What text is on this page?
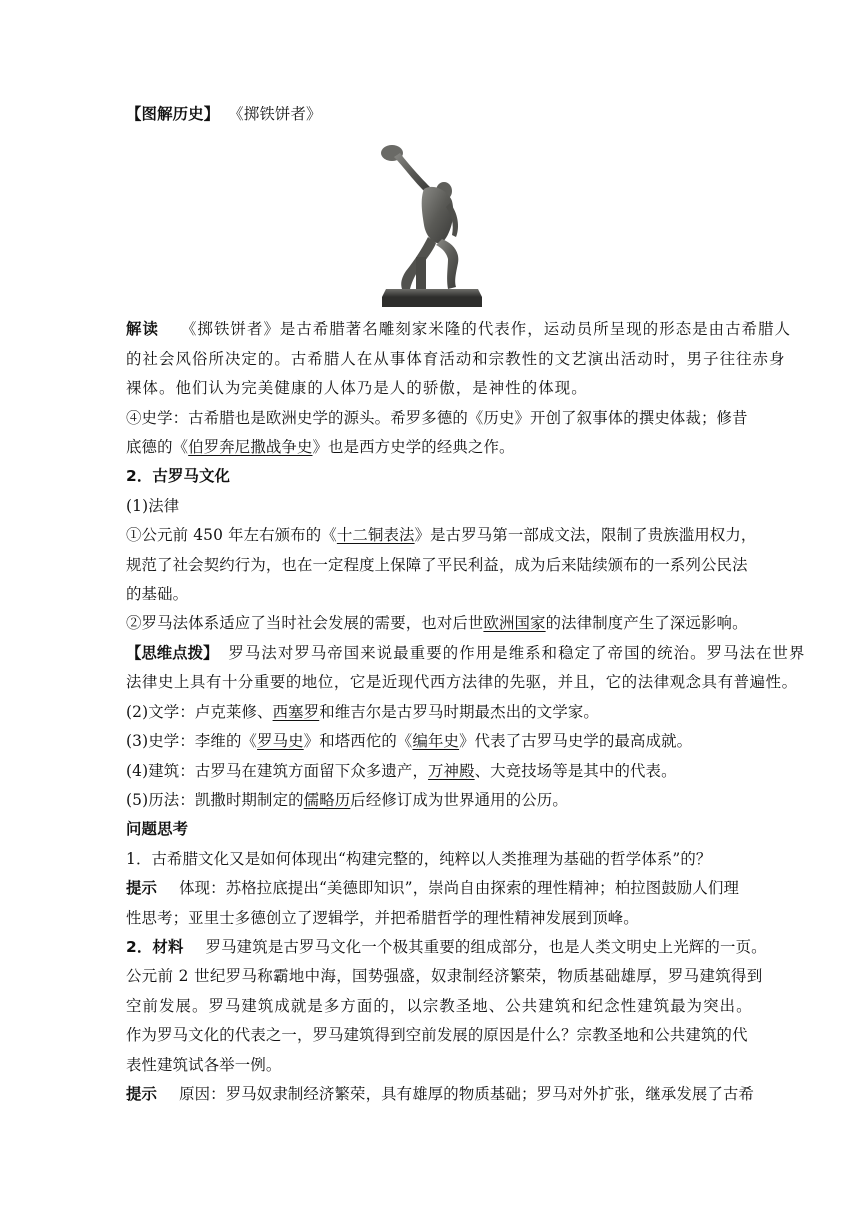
【图解历史】 《掷铁饼者》
解读 《掷铁饼者》是古希腊著名雕刻家米隆的代表作，运动员所呈现的形态是由古希腊人
的社会风俗所决定的。古希腊人在从事体育活动和宗教性的文艺演出活动时，男子往往赤身
裸体。他们认为完美健康的人体乃是人的骄傲，是神性的体现。
④史学：古希腊也是欧洲史学的源头。希罗多德的《历史》开创了叙事体的撰史体裁；修昔
底德的《伯罗奔尼撒战争史》也是西方史学的经典之作。
2．古罗马文化
(1)法律
①公元前 450 年左右颁布的《十二铜表法》是古罗马第一部成文法，限制了贵族滥用权力，
规范了社会契约行为，也在一定程度上保障了平民利益，成为后来陆续颁布的一系列公民法
的基础。
②罗马法体系适应了当时社会发展的需要，也对后世欧洲国家的法律制度产生了深远影响。
【思维点拨】 罗马法对罗马帝国来说最重要的作用是维系和稳定了帝国的统治。罗马法在世界
法律史上具有十分重要的地位，它是近现代西方法律的先驱，并且，它的法律观念具有普遍性。
(2)文学：卢克莱修、西塞罗和维吉尔是古罗马时期最杰出的文学家。
(3)史学：李维的《罗马史》和塔西佗的《编年史》代表了古罗马史学的最高成就。
(4)建筑：古罗马在建筑方面留下众多遗产，万神殿、大竞技场等是其中的代表。
(5)历法：凯撒时期制定的儒略历后经修订成为世界通用的公历。
问题思考
1．古希腊文化又是如何体现出“构建完整的，纯粹以人类推理为基础的哲学体系”的？
提示 体现：苏格拉底提出“美德即知识”，崇尚自由探索的理性精神；柏拉图鼓励人们理
性思考；亚里士多德创立了逻辑学，并把希腊哲学的理性精神发展到顶峰。
2．材料 罗马建筑是古罗马文化一个极其重要的组成部分，也是人类文明史上光辉的一页。
公元前 2 世纪罗马称霸地中海，国势强盛，奴隶制经济繁荣，物质基础雄厚，罗马建筑得到
空前发展。罗马建筑成就是多方面的，以宗教圣地、公共建筑和纪念性建筑最为突出。
作为罗马文化的代表之一，罗马建筑得到空前发展的原因是什么？宗教圣地和公共建筑的代
表性建筑试各举一例。
提示 原因：罗马奴隶制经济繁荣，具有雄厚的物质基础；罗马对外扩张，继承发展了古希
